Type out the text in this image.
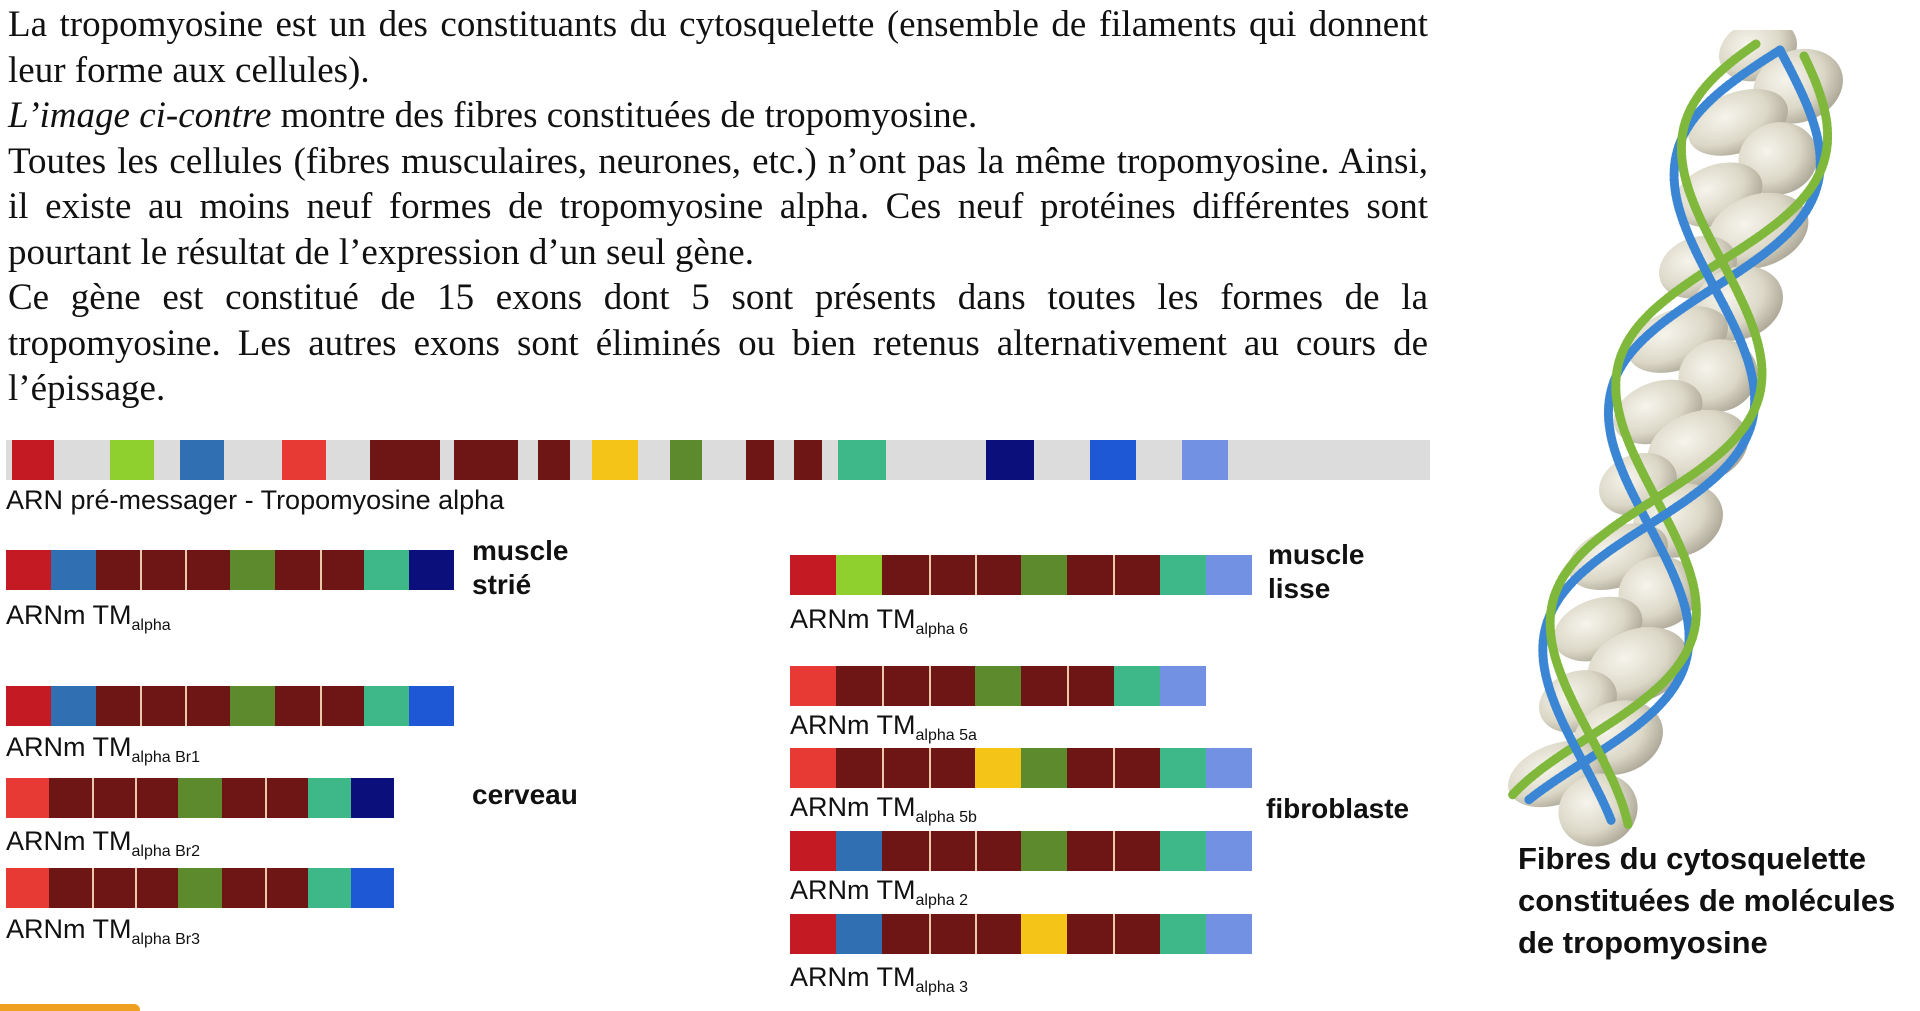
La tropomyosine est un des constituants du cytosquelette (ensemble de filaments qui donnent leur forme aux cellules).

L’image ci-contre montre des fibres constituées de tropomyosine.

Toutes les cellules (fibres musculaires, neurones, etc.) n’ont pas la même tropomyosine. Ainsi, il existe au moins neuf formes de tropomyosine alpha. Ces neuf protéines différentes sont pourtant le résultat de l’expression d’un seul gène.

Ce gène est constitué de 15 exons dont 5 sont présents dans toutes les formes de la tropomyosine. Les autres exons sont éliminés ou bien retenus alternativement au cours de l’épissage.

ARN pré-messager - Tropomyosine alpha
ARNm $TM_{alpha}$
ARNm $TM_{alpha Br1}$
ARNm $TM_{alpha Br2}$
ARNm $TM_{alpha Br3}$
ARNm $TM_{alpha 6}$
ARNm $TM_{alpha 5a}$
ARNm $TM_{alpha 5b}$
ARNm $TM_{alpha 2}$
ARNm $TM_{alpha 3}$
muscle
strié
cerveau
muscle
lisse
fibroblaste
Fibres du cytosquelette
constituées de molécules
de tropomyosine
